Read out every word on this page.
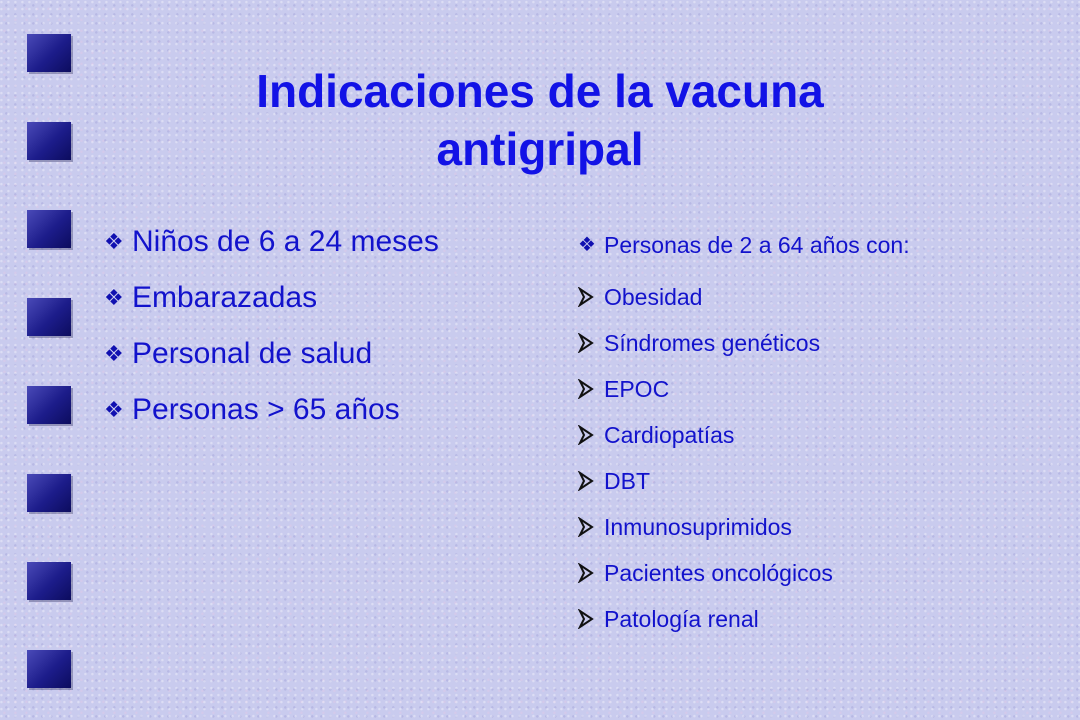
Indicaciones de la vacuna
antigripal
❖ Niños de 6 a 24 meses
❖ Embarazadas
❖ Personal de salud
❖ Personas > 65 años
❖ Personas de 2 a 64 años con:
Obesidad
Síndromes genéticos
EPOC
Cardiopatías
DBT
Inmunosuprimidos
Pacientes oncológicos
Patología renal
